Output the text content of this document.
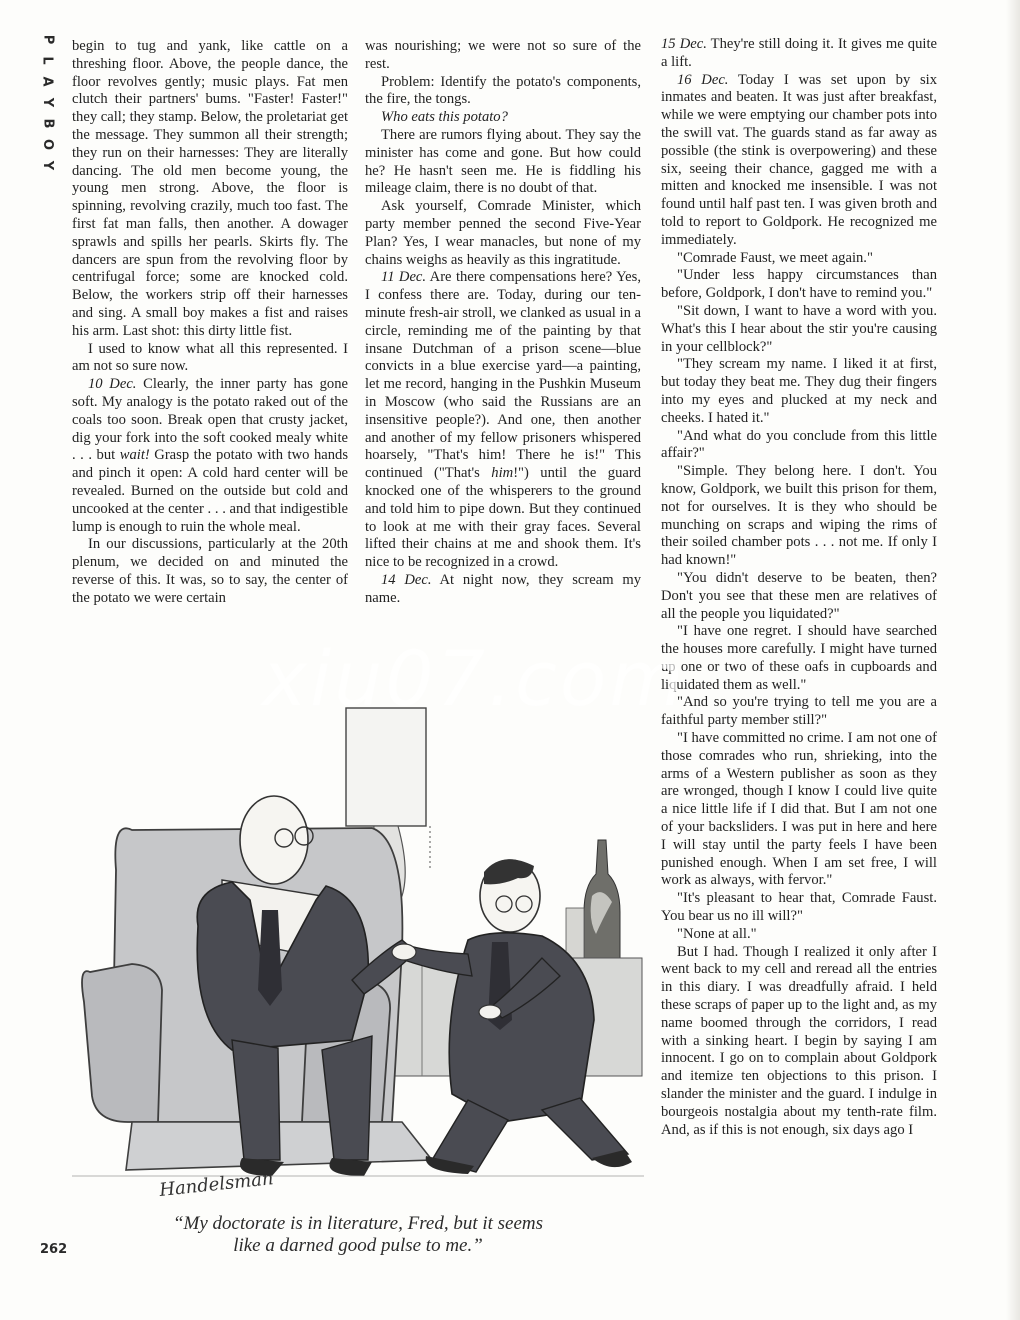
P
L
A
Y
B
O
Y

begin to tug and yank, like cattle on a threshing floor. Above, the people dance, the floor revolves gently; music plays. Fat men clutch their partners' bums. "Faster! Faster!" they call; they stamp. Below, the proletariat get the message. They summon all their strength; they run on their harnesses: They are literally dancing. The old men become young, the young men strong. Above, the floor is spinning, revolving crazily, much too fast. The first fat man falls, then another. A dowager sprawls and spills her pearls. Skirts fly. The dancers are spun from the revolving floor by centrifugal force; some are knocked cold. Below, the workers strip off their harnesses and sing. A small boy makes a fist and raises his arm. Last shot: this dirty little fist.

I used to know what all this represented. I am not so sure now.

10 Dec. Clearly, the inner party has gone soft. My analogy is the potato raked out of the coals too soon. Break open that crusty jacket, dig your fork into the soft cooked mealy white . . . but wait! Grasp the potato with two hands and pinch it open: A cold hard center will be revealed. Burned on the outside but cold and uncooked at the center . . . and that indigestible lump is enough to ruin the whole meal.

In our discussions, particularly at the 20th plenum, we decided on and minuted the reverse of this. It was, so to say, the center of the potato we were certain

was nourishing; we were not so sure of the rest.

Problem: Identify the potato's components, the fire, the tongs.

Who eats this potato?

There are rumors flying about. They say the minister has come and gone. But how could he? He hasn't seen me. He is fiddling his mileage claim, there is no doubt of that.

Ask yourself, Comrade Minister, which party member penned the second Five-Year Plan? Yes, I wear manacles, but none of my chains weighs as heavily as this ingratitude.

11 Dec. Are there compensations here? Yes, I confess there are. Today, during our ten-minute fresh-air stroll, we clanked as usual in a circle, reminding me of the painting by that insane Dutchman of a prison scene—blue convicts in a blue exercise yard—a painting, let me record, hanging in the Pushkin Museum in Moscow (who said the Russians are an insensitive people?). And one, then another and another of my fellow prisoners whispered hoarsely, "That's him! There he is!" This continued ("That's him!") until the guard knocked one of the whisperers to the ground and told him to pipe down. But they continued to look at me with their gray faces. Several lifted their chains at me and shook them. It's nice to be recognized in a crowd.

14 Dec. At night now, they scream my name.

15 Dec. They're still doing it. It gives me quite a lift.

16 Dec. Today I was set upon by six inmates and beaten. It was just after breakfast, while we were emptying our chamber pots into the swill vat. The guards stand as far away as possible (the stink is overpowering) and these six, seeing their chance, gagged me with a mitten and knocked me insensible. I was not found until half past ten. I was given broth and told to report to Goldpork. He recognized me immediately.

"Comrade Faust, we meet again."

"Under less happy circumstances than before, Goldpork, I don't have to remind you."

"Sit down, I want to have a word with you. What's this I hear about the stir you're causing in your cellblock?"

"They scream my name. I liked it at first, but today they beat me. They dug their fingers into my eyes and plucked at my neck and cheeks. I hated it."

"And what do you conclude from this little affair?"

"Simple. They belong here. I don't. You know, Goldpork, we built this prison for them, not for ourselves. It is they who should be munching on scraps and wiping the rims of their soiled chamber pots . . . not me. If only I had known!"

"You didn't deserve to be beaten, then? Don't you see that these men are relatives of all the people you liquidated?"

"I have one regret. I should have searched the houses more carefully. I might have turned up one or two of these oafs in cupboards and liquidated them as well."

"And so you're trying to tell me you are a faithful party member still?"

"I have committed no crime. I am not one of those comrades who run, shrieking, into the arms of a Western publisher as soon as they are wronged, though I know I could live quite a nice little life if I did that. But I am not one of your backsliders. I was put in here and here I will stay until the party feels I have been punished enough. When I am set free, I will work as always, with fervor."

"It's pleasant to hear that, Comrade Faust. You bear us no ill will?"

"None at all."

But I had. Though I realized it only after I went back to my cell and reread all the entries in this diary. I was dreadfully afraid. I held these scraps of paper up to the light and, as my name boomed through the corridors, I read with a sinking heart. I begin by saying I am innocent. I go on to complain about Goldpork and itemize ten objections to this prison. I slander the minister and the guard. I indulge in bourgeois nostalgia about my tenth-rate film. And, as if this is not enough, six days ago I

Handelsman
“My doctorate is in literature, Fred, but it seems
like a darned good pulse to me.”
262
xiu07.com
